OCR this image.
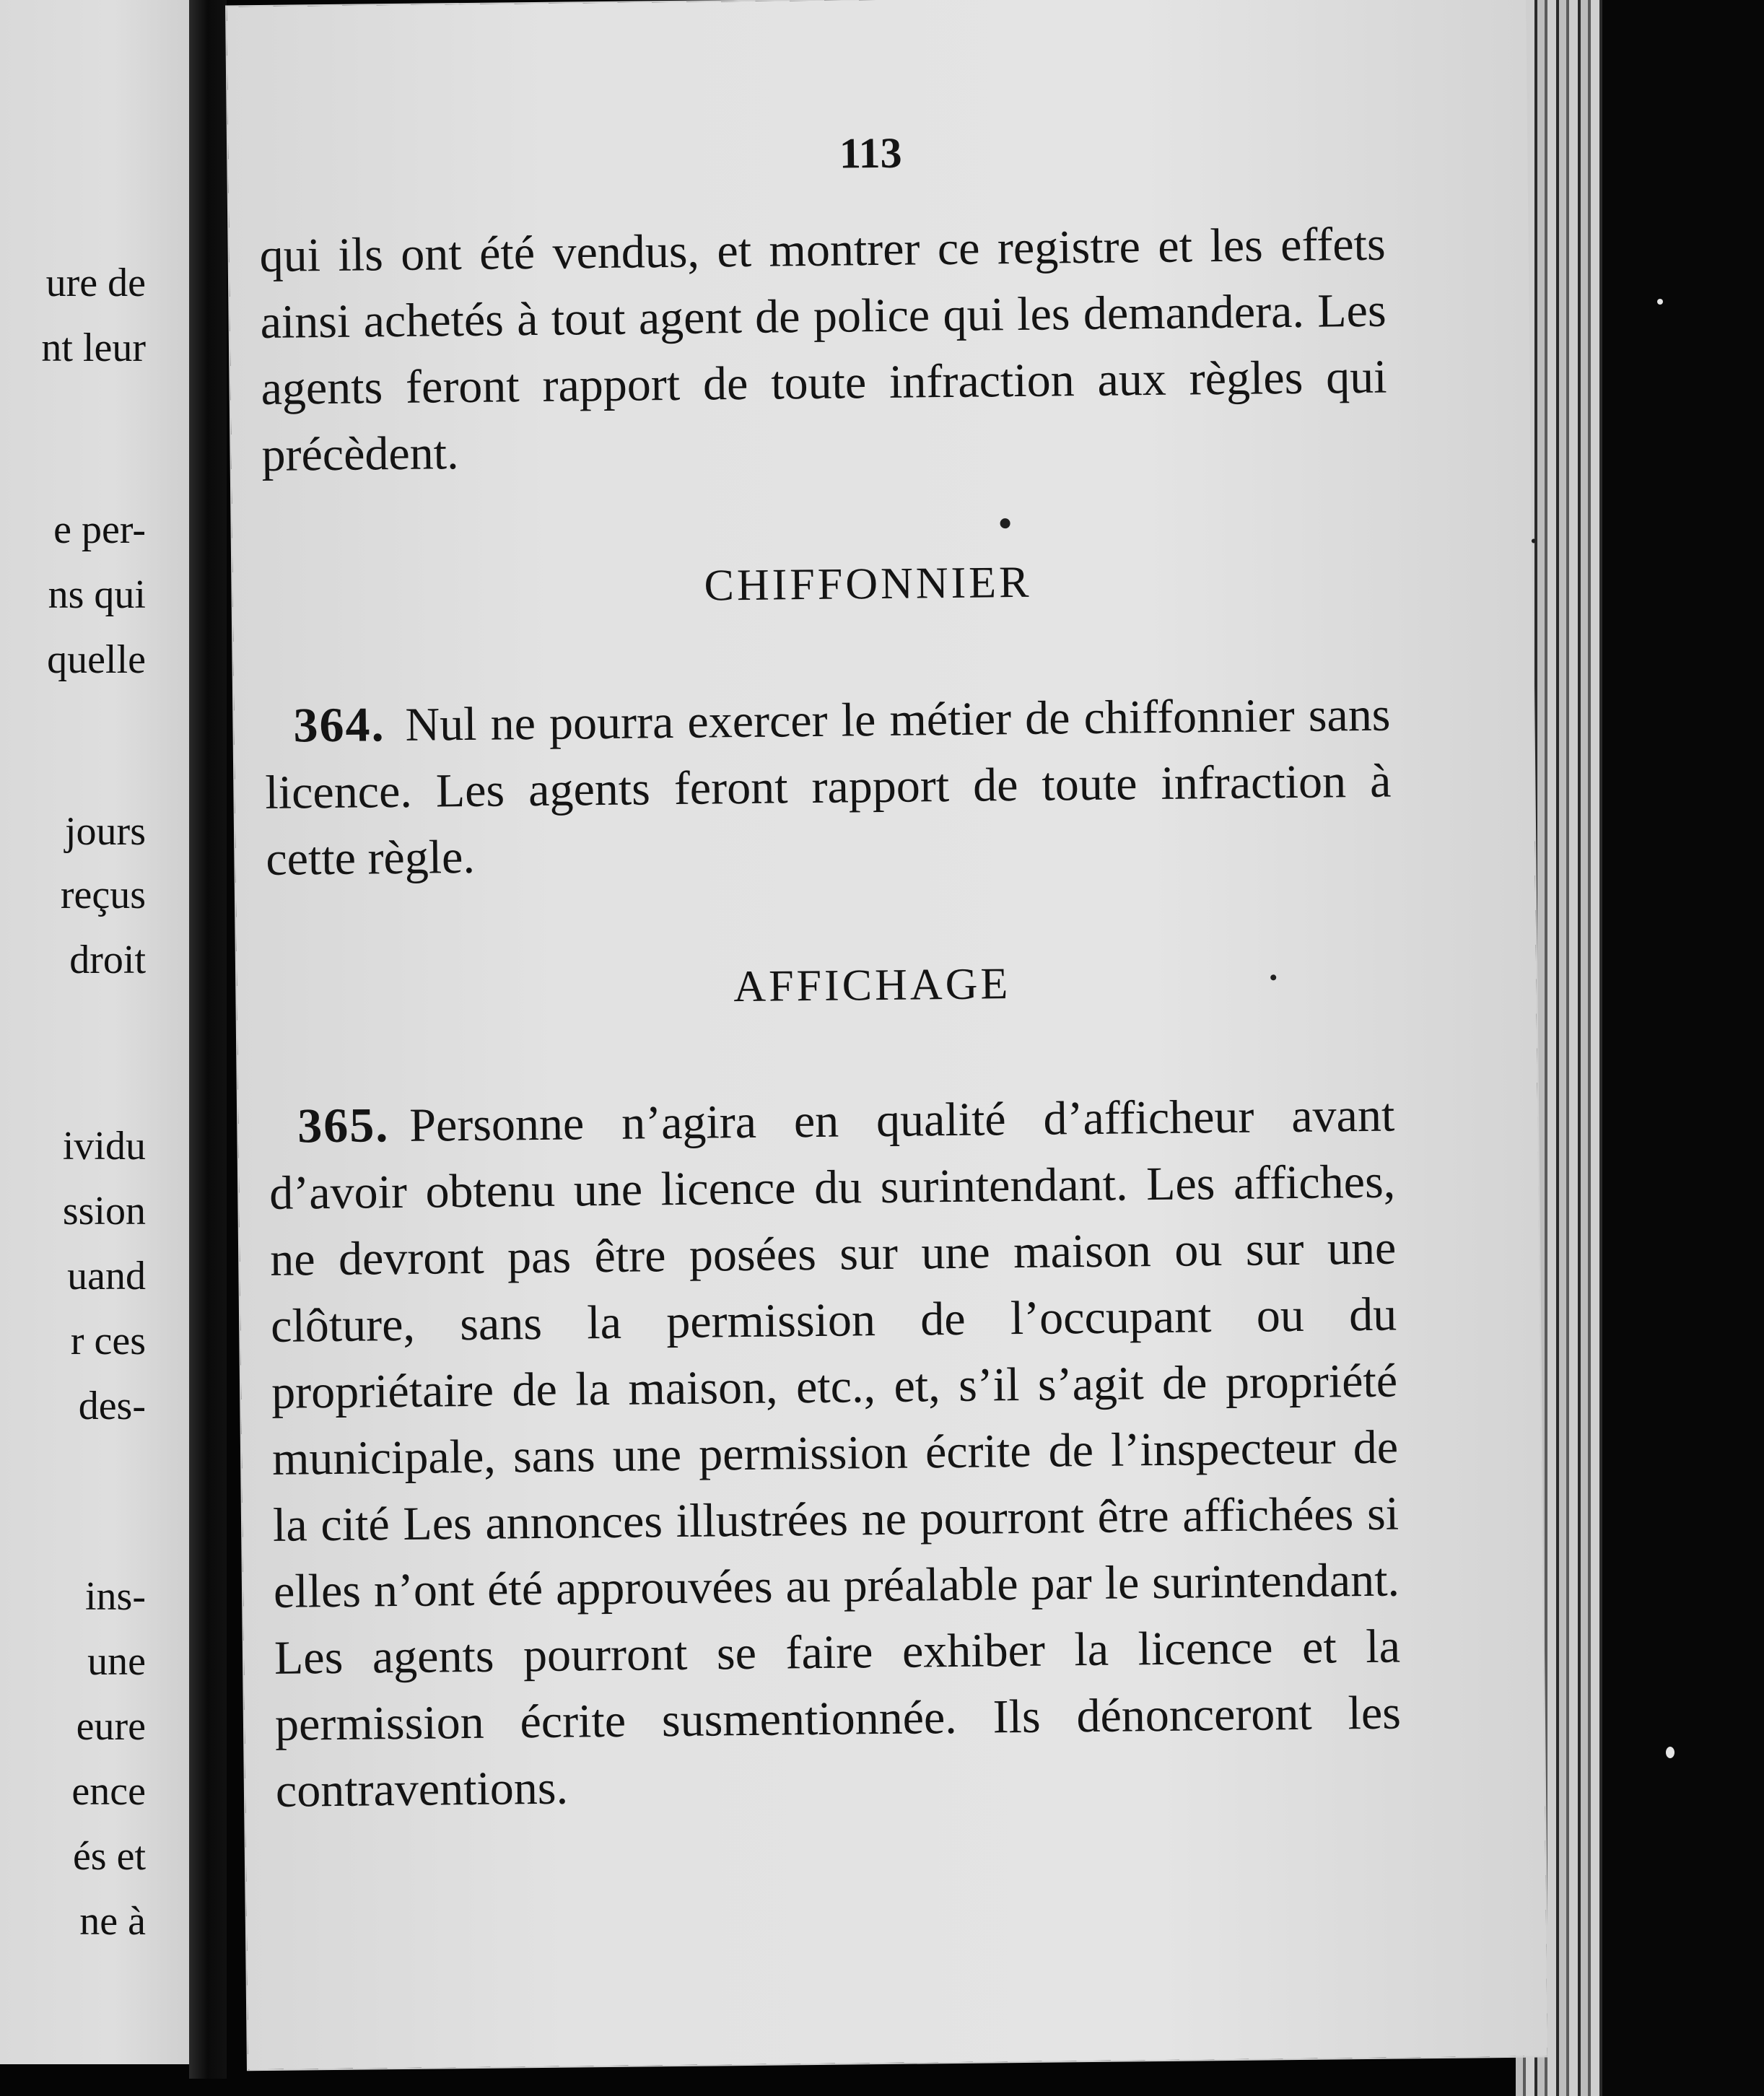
ure de
nt leur
e per-
ns qui
quelle
jours
reçus
droit
ividu
ssion
uand
r ces
des-
ins-
une
eure
ence
és et
ne à
113
qui ils ont été vendus, et montrer ce registre et les effets ainsi achetés à tout agent de police qui les demandera. Les agents feront rapport de toute infraction aux règles qui précèdent.
CHIFFONNIER
364. Nul ne pourra exercer le métier de chiffonnier sans licence. Les agents feront rapport de toute infraction à cette règle.
AFFICHAGE
365. Personne n’agira en qualité d’afficheur avant d’avoir obtenu une licence du surintendant. Les affiches, ne devront pas être posées sur une maison ou sur une clôture, sans la permission de l’occupant ou du propriétaire de la maison, etc., et, s’il s’agit de propriété municipale, sans une permission écrite de l’inspecteur de la cité Les annonces illustrées ne pourront être affichées si elles n’ont été approuvées au préalable par le surintendant. Les agents pourront se faire exhiber la licence et la permission écrite susmentionnée. Ils dénonceront les contraventions.
